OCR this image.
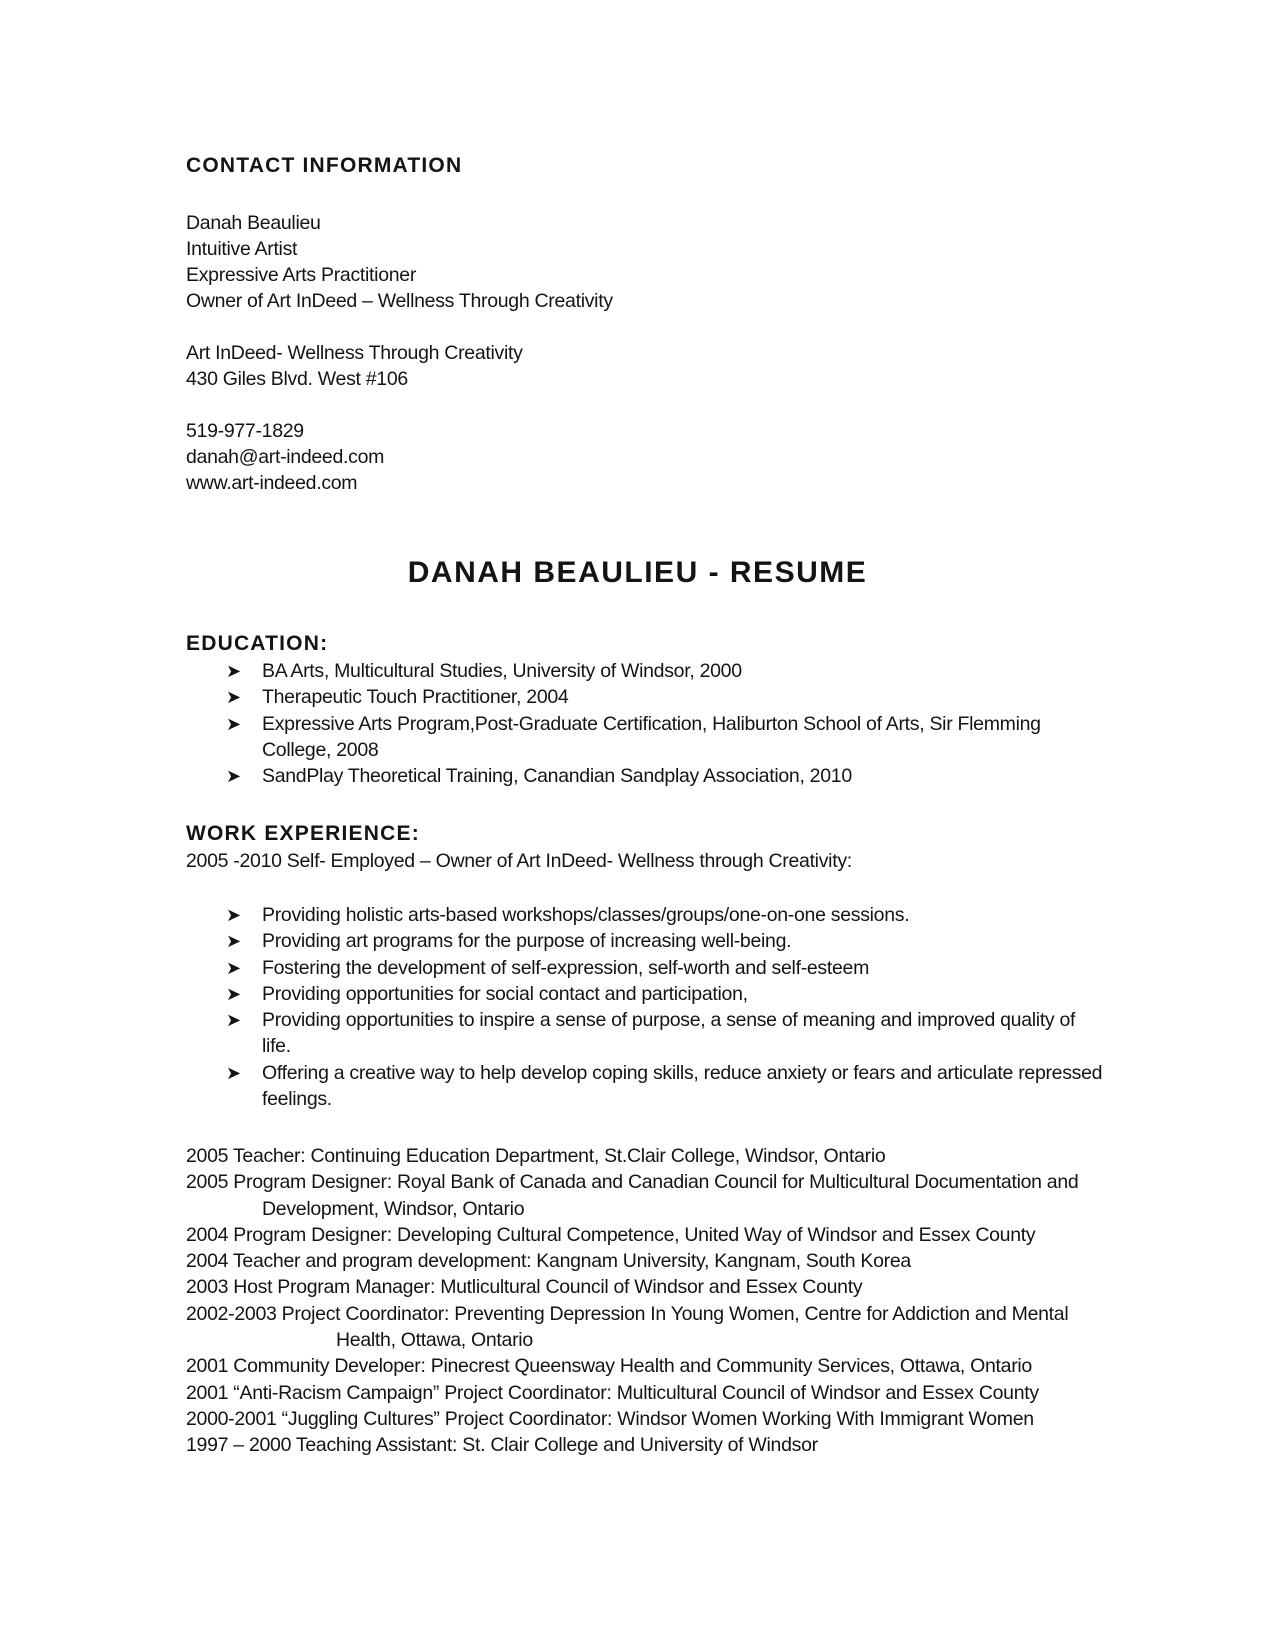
CONTACT INFORMATION

Danah Beaulieu

Intuitive Artist

Expressive Arts Practitioner

Owner of Art InDeed – Wellness Through Creativity

Art InDeed- Wellness Through Creativity

430 Giles Blvd. West #106

519-977-1829

danah@art-indeed.com

www.art-indeed.com

DANAH BEAULIEU - RESUME
EDUCATION:
➤ BA Arts, Multicultural Studies, University of Windsor, 2000
➤ Therapeutic Touch Practitioner, 2004
➤ Expressive Arts Program,Post-Graduate Certification, Haliburton School of Arts, Sir Flemming College, 2008
➤ SandPlay Theoretical Training, Canandian Sandplay Association, 2010
WORK EXPERIENCE:

2005 -2010 Self- Employed – Owner of Art InDeed- Wellness through Creativity:

➤ Providing holistic arts-based workshops/classes/groups/one-on-one sessions.
➤ Providing art programs for the purpose of increasing well-being.
➤ Fostering the development of self-expression, self-worth and self-esteem
➤ Providing opportunities for social contact and participation,
➤ Providing opportunities to inspire a sense of purpose, a sense of meaning and improved quality of life.
➤ Offering a creative way to help develop coping skills, reduce anxiety or fears and articulate repressed feelings.
2005 Teacher: Continuing Education Department, St.Clair College, Windsor, Ontario
2005 Program Designer: Royal Bank of Canada and Canadian Council for Multicultural Documentation and
Development, Windsor, Ontario
2004 Program Designer: Developing Cultural Competence, United Way of Windsor and Essex County
2004 Teacher and program development: Kangnam University, Kangnam, South Korea
2003 Host Program Manager: Mutlicultural Council of Windsor and Essex County
2002-2003 Project Coordinator: Preventing Depression In Young Women, Centre for Addiction and Mental
Health, Ottawa, Ontario
2001 Community Developer: Pinecrest Queensway Health and Community Services, Ottawa, Ontario
2001 “Anti-Racism Campaign” Project Coordinator: Multicultural Council of Windsor and Essex County
2000-2001 “Juggling Cultures” Project Coordinator: Windsor Women Working With Immigrant Women
1997 – 2000 Teaching Assistant: St. Clair College and University of Windsor
